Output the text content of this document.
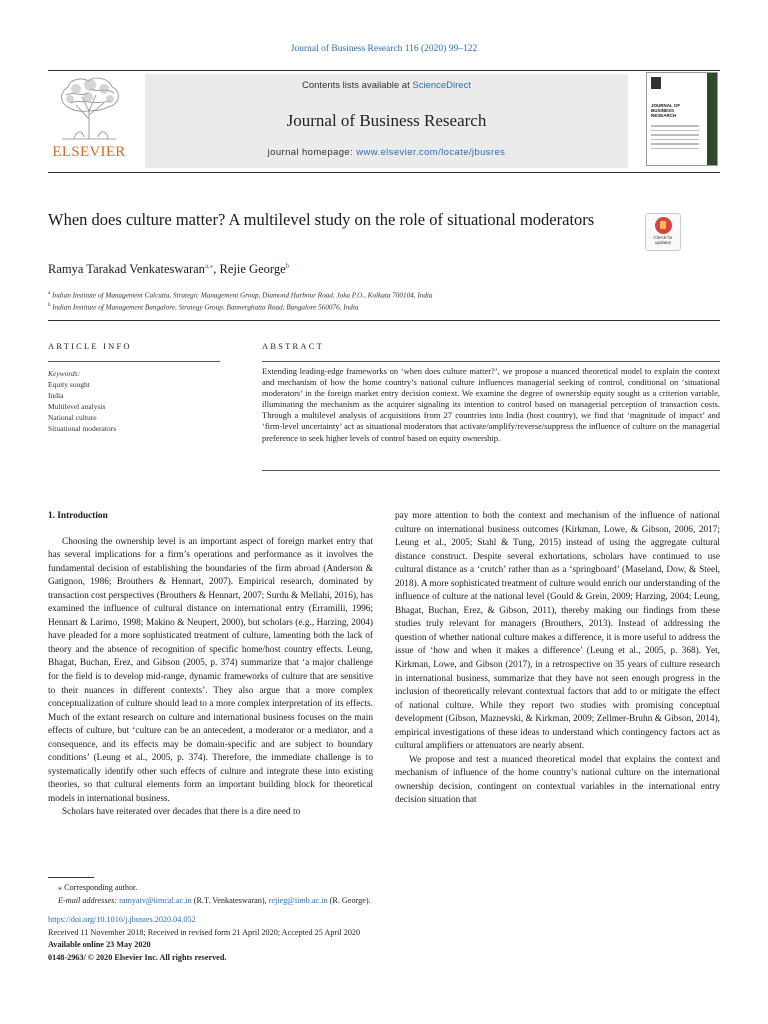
Journal of Business Research 116 (2020) 99–122
ELSEVIER
Contents lists available at ScienceDirect
Journal of Business Research
journal homepage: www.elsevier.com/locate/jbusres
JOURNAL OF BUSINESS RESEARCH
When does culture matter? A multilevel study on the role of situational moderators
Check for updates
Ramya Tarakad Venkateswaran$^{a,⁎}$, Rejie George$^b$
$^a$ Indian Institute of Management Calcutta, Strategic Management Group, Diamond Harbour Road, Joka P.O., Kolkata 700104, India
$^b$ Indian Institute of Management Bangalore, Strategy Group, Bannerghatta Road, Bangalore 560076, India
ARTICLE INFO	ABSTRACT
Keywords:
Equity sought
India
Multilevel analysis
National culture
Situational moderators
Extending leading-edge frameworks on ‘when does culture matter?’, we propose a nuanced theoretical model to explain the context and mechanism of how the home country’s national culture influences managerial seeking of control, conditional on ‘situational moderators’ in the foreign market entry decision context. We examine the degree of ownership equity sought as a criterion variable, illuminating the mechanism as the acquirer signaling its intention to control based on managerial perception of transaction costs. Through a multilevel analysis of acquisitions from 27 countries into India (host country), we find that ‘magnitude of impact’ and ‘firm-level uncertainty’ act as situational moderators that activate/amplify/reverse/suppress the influence of culture on the managerial preference to seek higher levels of control based on equity ownership.
1. Introduction

Choosing the ownership level is an important aspect of foreign market entry that has several implications for a firm’s operations and performance as it involves the fundamental decision of establishing the boundaries of the firm abroad (Anderson & Gatignon, 1986; Brouthers & Hennart, 2007). Empirical research, dominated by transaction cost perspectives (Brouthers & Hennart, 2007; Surdu & Mellahi, 2016), has examined the influence of cultural distance on international entry (Erramilli, 1996; Hennart & Larimo, 1998; Makino & Neupert, 2000), but scholars (e.g., Harzing, 2004) have pleaded for a more sophisticated treatment of culture, lamenting both the lack of theory and the absence of recognition of specific home/host country effects. Leung, Bhagat, Buchan, Erez, and Gibson (2005, p. 374) summarize that ‘a major challenge for the field is to develop mid-range, dynamic frameworks of culture that are sensitive to their nuances in different contexts’. They also argue that a more complex conceptualization of culture should lead to a more complex interpretation of its effects. Much of the extant research on culture and international business focuses on the main effects of culture, but ‘culture can be an antecedent, a moderator or a mediator, and a consequence, and its effects may be domain-specific and are subject to boundary conditions’ (Leung et al., 2005, p. 374). Therefore, the immediate challenge is to systematically identify other such effects of culture and integrate these into existing theories, so that cultural elements form an important building block for theoretical models in international business.

Scholars have reiterated over decades that there is a dire need to

pay more attention to both the context and mechanism of the influence of national culture on international business outcomes (Kirkman, Lowe, & Gibson, 2006, 2017; Leung et al., 2005; Stahl & Tung, 2015) instead of using the aggregate cultural distance construct. Despite several exhortations, scholars have continued to use cultural distance as a ‘crutch’ rather than as a ‘springboard’ (Maseland, Dow, & Steel, 2018). A more sophisticated treatment of culture would enrich our understanding of the influence of culture at the national level (Gould & Grein, 2009; Harzing, 2004; Leung, Bhagat, Buchan, Erez, & Gibson, 2011), thereby making our findings from these studies truly relevant for managers (Brouthers, 2013). Instead of addressing the question of whether national culture makes a difference, it is more useful to address the issue of ‘how and when it makes a difference’ (Leung et al., 2005, p. 368). Yet, Kirkman, Lowe, and Gibson (2017), in a retrospective on 35 years of culture research in international business, summarize that they have not seen enough progress in the inclusion of theoretically relevant contextual factors that add to or mitigate the effect of national culture. While they report two studies with promising conceptual development (Gibson, Maznevski, & Kirkman, 2009; Zellmer-Bruhn & Gibson, 2014), empirical investigations of these ideas to understand which contingency factors act as cultural amplifiers or attenuators are nearly absent.

We propose and test a nuanced theoretical model that explains the context and mechanism of influence of the home country’s national culture on the international ownership decision, contingent on contextual variables in the international entry decision situation that

⁎ Corresponding author.
E-mail addresses: ramyatv@iimcal.ac.in (R.T. Venkateswaran), rejieg@iimb.ac.in (R. George).
https://doi.org/10.1016/j.jbusres.2020.04.052
Received 11 November 2018; Received in revised form 21 April 2020; Accepted 25 April 2020
Available online 23 May 2020
0148-2963/ © 2020 Elsevier Inc. All rights reserved.
